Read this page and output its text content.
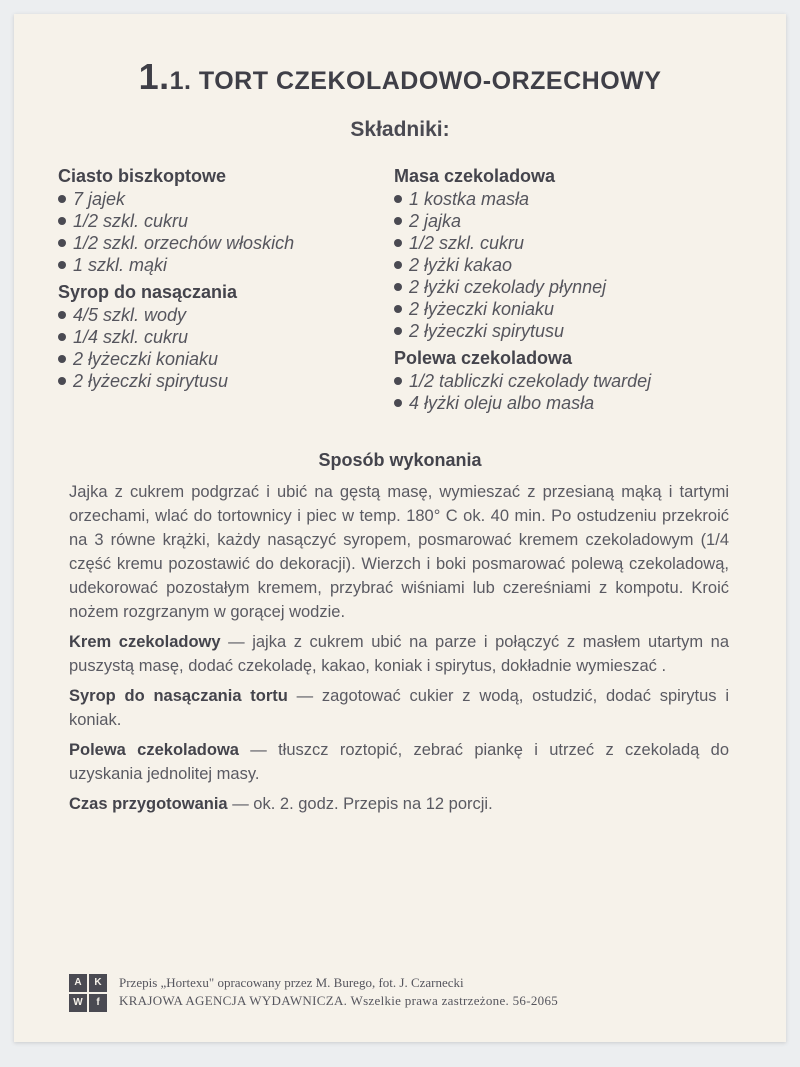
1.1. TORT CZEKOLADOWO-ORZECHOWY
Składniki:

Ciasto biszkoptowe

7 jajek
1/2 szkl. cukru
1/2 szkl. orzechów włoskich
1 szkl. mąki

Syrop do nasączania

4/5 szkl. wody
1/4 szkl. cukru
2 łyżeczki koniaku
2 łyżeczki spirytusu

Masa czekoladowa

1 kostka masła
2 jajka
1/2 szkl. cukru
2 łyżki kakao
2 łyżki czekolady płynnej
2 łyżeczki koniaku
2 łyżeczki spirytusu

Polewa czekoladowa

1/2 tabliczki czekolady twardej
4 łyżki oleju albo masła
Sposób wykonania

Jajka z cukrem podgrzać i ubić na gęstą masę, wymieszać z przesianą mąką i tartymi orzechami, wlać do tortownicy i piec w temp. 180° C ok. 40 min. Po ostudzeniu przekroić na 3 równe krążki, każdy nasączyć syropem, posmarować kremem czekoladowym (1/4 część kremu pozostawić do dekoracji). Wierzch i boki posmarować polewą czekoladową, udekorować pozostałym kremem, przybrać wiśniami lub czereśniami z kompotu. Kroić nożem rozgrzanym w gorącej wodzie.

Krem czekoladowy — jajka z cukrem ubić na parze i połączyć z masłem utartym na puszystą masę, dodać czekoladę, kakao, koniak i spirytus, dokładnie wymieszać .

Syrop do nasączania tortu — zagotować cukier z wodą, ostudzić, dodać spirytus i koniak.

Polewa czekoladowa — tłuszcz roztopić, zebrać piankę i utrzeć z czekoladą do uzyskania jednolitej masy.

Czas przygotowania — ok. 2. godz. Przepis na 12 porcji.

A	K
W	f
Przepis „Hortexu" opracowany przez M. Burego, fot. J. Czarnecki
KRAJOWA AGENCJA WYDAWNICZA. Wszelkie prawa zastrzeżone. 56-2065
